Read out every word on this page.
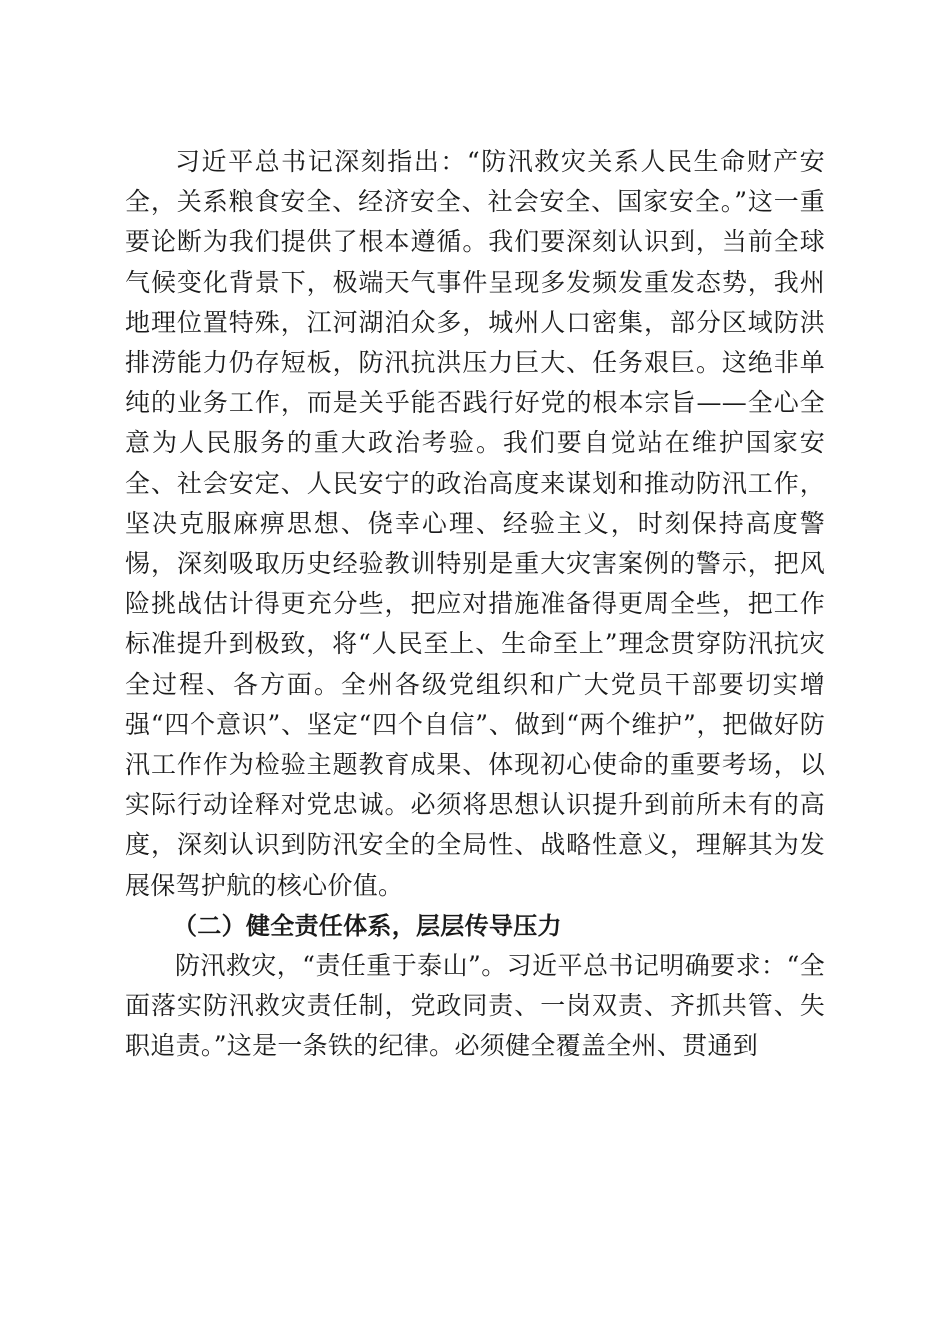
习近平总书记深刻指出：“防汛救灾关系人民生命财产安全，关系粮食安全、经济安全、社会安全、国家安全。”这一重要论断为我们提供了根本遵循。我们要深刻认识到，当前全球气候变化背景下，极端天气事件呈现多发频发重发态势，我州地理位置特殊，江河湖泊众多，城州人口密集，部分区域防洪排涝能力仍存短板，防汛抗洪压力巨大、任务艰巨。这绝非单纯的业务工作，而是关乎能否践行好党的根本宗旨——全心全意为人民服务的重大政治考验。我们要自觉站在维护国家安全、社会安定、人民安宁的政治高度来谋划和推动防汛工作，坚决克服麻痹思想、侥幸心理、经验主义，时刻保持高度警惕，深刻吸取历史经验教训特别是重大灾害案例的警示，把风险挑战估计得更充分些，把应对措施准备得更周全些，把工作标准提升到极致，将“人民至上、生命至上”理念贯穿防汛抗灾全过程、各方面。全州各级党组织和广大党员干部要切实增强“四个意识”、坚定“四个自信”、做到“两个维护”，把做好防汛工作作为检验主题教育成果、体现初心使命的重要考场，以实际行动诠释对党忠诚。必须将思想认识提升到前所未有的高度，深刻认识到防汛安全的全局性、战略性意义，理解其为发展保驾护航的核心价值。

（二）健全责任体系，层层传导压力

防汛救灾，“责任重于泰山”。习近平总书记明确要求：“全面落实防汛救灾责任制，党政同责、一岗双责、齐抓共管、失职追责。”这是一条铁的纪律。必须健全覆盖全州、贯通到
